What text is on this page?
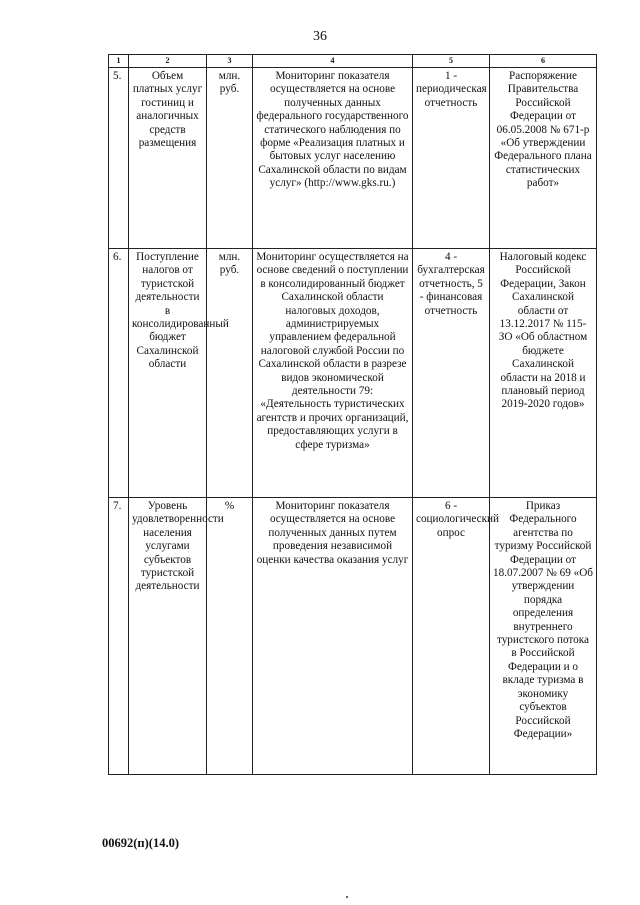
36
1	2	3	4	5	6
5.	Объем платных услуг гостиниц и аналогичных средств размещения	млн. руб.	Мониторинг показателя осуществляется на основе полученных данных федерального государственного статического наблюдения по форме «Реализация платных и бытовых услуг населению Сахалинской области по видам услуг» (http://www.gks.ru.)	1 - периодическая отчетность	Распоряжение Правительства Российской Федерации от 06.05.2008 № 671-р «Об утверждении Федерального плана статистических работ»
6.	Поступление налогов от туристской деятельности в консолидированный бюджет Сахалинской области	млн. руб.	Мониторинг осуществляется на основе сведений о поступлении в консолидированный бюджет Сахалинской области налоговых доходов, администрируемых управлением федеральной налоговой службой России по Сахалинской области в разрезе видов экономической деятельности 79: «Деятельность туристических агентств и прочих организаций, предоставляющих услуги в сфере туризма»	4 - бухгалтерская отчетность, 5 - финансовая отчетность	Налоговый кодекс Российской Федерации, Закон Сахалинской области от 13.12.2017 № 115-ЗО «Об областном бюджете Сахалинской области на 2018 и плановый период 2019-2020 годов»
7.	Уровень удовлетворенности населения услугами субъектов туристской деятельности	%	Мониторинг показателя осуществляется на основе полученных данных путем проведения независимой оценки качества оказания услуг	6 - социологический опрос	Приказ Федерального агентства по туризму Российской Федерации от 18.07.2007 № 69 «Об утверждении порядка определения внутреннего туристского потока в Российской Федерации и о вкладе туризма в экономику субъектов Российской Федерации»
00692(п)(14.0)
